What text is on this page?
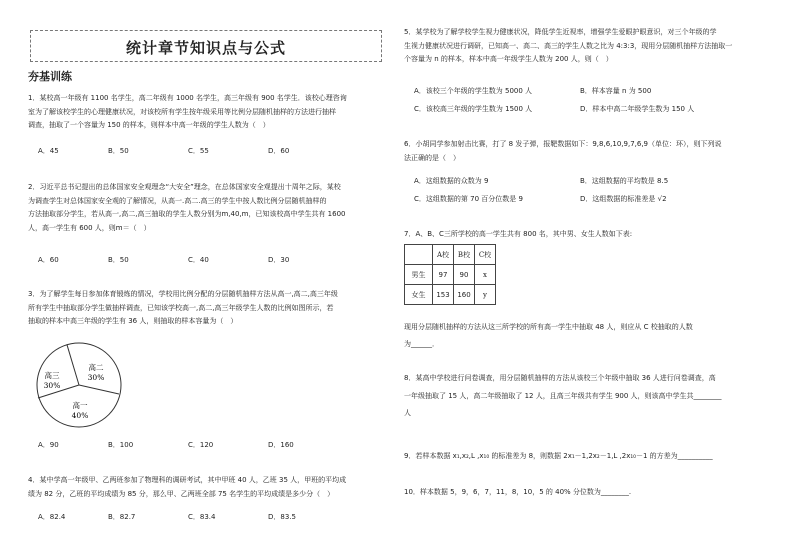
统计章节知识点与公式
夯基训练
1．某校高一年级有 1100 名学生，高二年级有 1000 名学生，高三年级有 900 名学生．该校心理咨询
室为了解该校学生的心理健康状况，对该校所有学生按年级采用等比例分层随机抽样的方法进行抽样
调查，抽取了一个容量为 150 的样本，则样本中高一年级的学生人数为（　）
A．45	B．50	C．55	D．60
2．习近平总书记提出的总体国家安全观理念“大安全”理念，在总体国家安全观提出十周年之际，某校
为调查学生对总体国家安全观的了解情况，从高一.高二.高三的学生中按人数比例分层随机抽样的
方法抽取部分学生，若从高一,高二,高三抽取的学生人数分别为m,40,m，已知该校高中学生共有 1600
人，高一学生有 600 人，则m＝（　）
A．60	B．50	C．40	D．30
3．为了解学生每日参加体育锻炼的情况，学校用比例分配的分层随机抽样方法从高一,高二,高三年级
所有学生中抽取部分学生做抽样调查，已知该学校高一,高二,高三年级学生人数的比例如图所示，若
抽取的样本中高三年级的学生有 36 人，则抽取的样本容量为（　）
高二
30%
高三
30%
高一
40%
A．90	B．100	C．120	D．160
4．某中学高一年级甲、乙两班参加了物理科的调研考试，其中甲班 40 人，乙班 35 人，甲班的平均成
绩为 82 分，乙班的平均成绩为 85 分，那么甲、乙两班全部 75 名学生的平均成绩是多少分（　）
A．82.4	B．82.7	C．83.4	D．83.5
5．某学校为了解学校学生视力健康状况，降低学生近视率，增强学生爱眼护眼意识，对三个年级的学
生视力健康状况进行调研，已知高一、高二、高三的学生人数之比为 4:3:3，现用分层随机抽样方法抽取一
个容量为 n 的样本，样本中高一年级学生人数为 200 人，则（　）
A．该校三个年级的学生数为 5000 人	B．样本容量 n 为 500
C．该校高三年级的学生数为 1500 人	D．样本中高二年级学生数为 150 人
6．小胡同学参加射击比赛，打了 8 发子弹，报靶数据如下：9,8,6,10,9,7,6,9（单位：环），则下列说
法正确的是（　）
A．这组数据的众数为 9	B．这组数据的平均数是 8.5
C．这组数据的第 70 百分位数是 9	D．这组数据的标准差是 √2
7．A、B、C三所学校的高一学生共有 800 名，其中男、女生人数如下表:
	A校	B校	C校
男生	97	90	x
女生	153	160	y
现用分层随机抽样的方法从这三所学校的所有高一学生中抽取 48 人，则应从 C 校抽取的人数
为______．
8．某高中学校进行问卷调查，用分层随机抽样的方法从该校三个年级中抽取 36 人进行问卷调查，高
一年级抽取了 15 人，高二年级抽取了 12 人，且高三年级共有学生 900 人，则该高中学生共________
人
9．若样本数据 x₁,x₂,L ,x₁₀ 的标准差为 8，则数据 2x₁－1,2x₂－1,L ,2x₁₀－1 的方差为__________
10．样本数据 5，9，6，7，11，8，10，5 的 40% 分位数为________.
